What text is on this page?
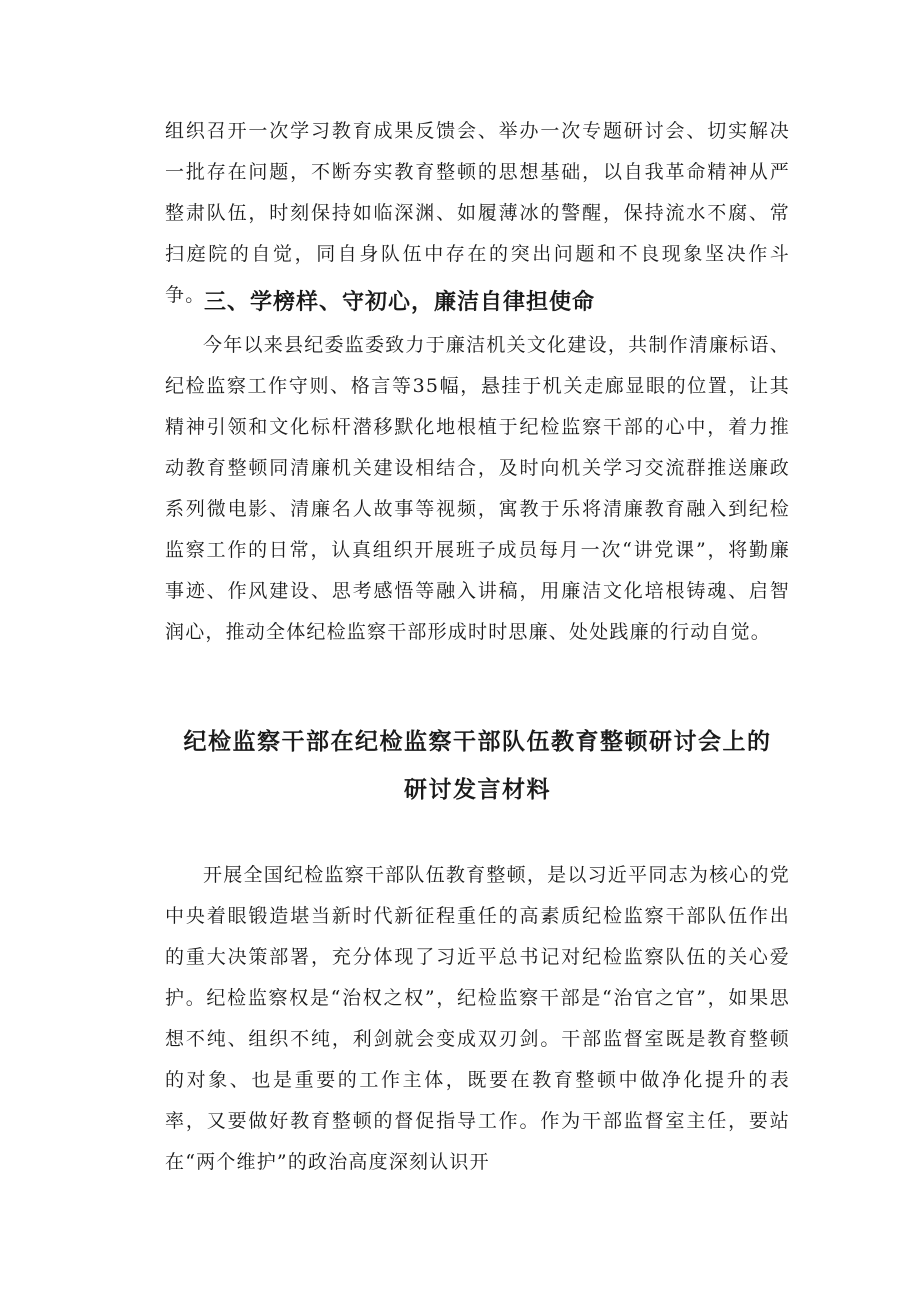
组织召开一次学习教育成果反馈会、举办一次专题研讨会、切实解决一批存在问题，不断夯实教育整顿的思想基础，以自我革命精神从严整肃队伍，时刻保持如临深渊、如履薄冰的警醒，保持流水不腐、常扫庭院的自觉，同自身队伍中存在的突出问题和不良现象坚决作斗争。

三、学榜样、守初心，廉洁自律担使命

今年以来县纪委监委致力于廉洁机关文化建设，共制作清廉标语、纪检监察工作守则、格言等35幅，悬挂于机关走廊显眼的位置，让其精神引领和文化标杆潜移默化地根植于纪检监察干部的心中，着力推动教育整顿同清廉机关建设相结合，及时向机关学习交流群推送廉政系列微电影、清廉名人故事等视频，寓教于乐将清廉教育融入到纪检监察工作的日常，认真组织开展班子成员每月一次“讲党课”，将勤廉事迹、作风建设、思考感悟等融入讲稿，用廉洁文化培根铸魂、启智润心，推动全体纪检监察干部形成时时思廉、处处践廉的行动自觉。

纪检监察干部在纪检监察干部队伍教育整顿研讨会上的
研讨发言材料

开展全国纪检监察干部队伍教育整顿，是以习近平同志为核心的党中央着眼锻造堪当新时代新征程重任的高素质纪检监察干部队伍作出的重大决策部署，充分体现了习近平总书记对纪检监察队伍的关心爱护。纪检监察权是“治权之权”，纪检监察干部是“治官之官”，如果思想不纯、组织不纯，利剑就会变成双刃剑。干部监督室既是教育整顿的对象、也是重要的工作主体，既要在教育整顿中做净化提升的表率，又要做好教育整顿的督促指导工作。作为干部监督室主任，要站在“两个维护”的政治高度深刻认识开
